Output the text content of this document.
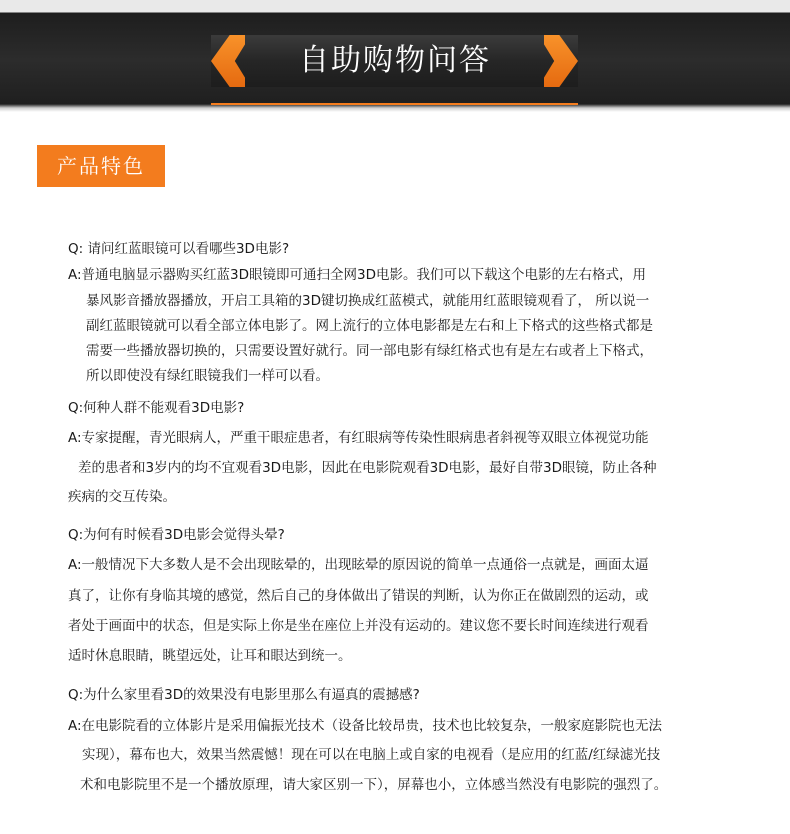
自助购物问答
产品特色
Q: 请问红蓝眼镜可以看哪些3D电影?
A:普通电脑显示器购买红蓝3D眼镜即可通扫全网3D电影。我们可以下载这个电影的左右格式，用
暴风影音播放器播放，开启工具箱的3D键切换成红蓝模式，就能用红蓝眼镜观看了， 所以说一
副红蓝眼镜就可以看全部立体电影了。网上流行的立体电影都是左右和上下格式的这些格式都是
需要一些播放器切换的，只需要设置好就行。同一部电影有绿红格式也有是左右或者上下格式，
所以即使没有绿红眼镜我们一样可以看。
Q:何种人群不能观看3D电影?
A:专家提醒，青光眼病人，严重干眼症患者，有红眼病等传染性眼病患者斜视等双眼立体视觉功能
差的患者和3岁内的均不宜观看3D电影，因此在电影院观看3D电影，最好自带3D眼镜，防止各种
疾病的交互传染。
Q:为何有时候看3D电影会觉得头晕?
A:一般情况下大多数人是不会出现眩晕的，出现眩晕的原因说的简单一点通俗一点就是，画面太逼
真了，让你有身临其境的感觉，然后自己的身体做出了错误的判断，认为你正在做剧烈的运动，或
者处于画面中的状态，但是实际上你是坐在座位上并没有运动的。建议您不要长时间连续进行观看
适时休息眼睛，眺望远处，让耳和眼达到统一。
Q:为什么家里看3D的效果没有电影里那么有逼真的震撼感?
A:在电影院看的立体影片是采用偏振光技术（设备比较昂贵，技术也比较复杂，一般家庭影院也无法
实现），幕布也大，效果当然震憾！现在可以在电脑上或自家的电视看（是应用的红蓝/红绿滤光技
术和电影院里不是一个播放原理，请大家区别一下），屏幕也小，立体感当然没有电影院的强烈了。
